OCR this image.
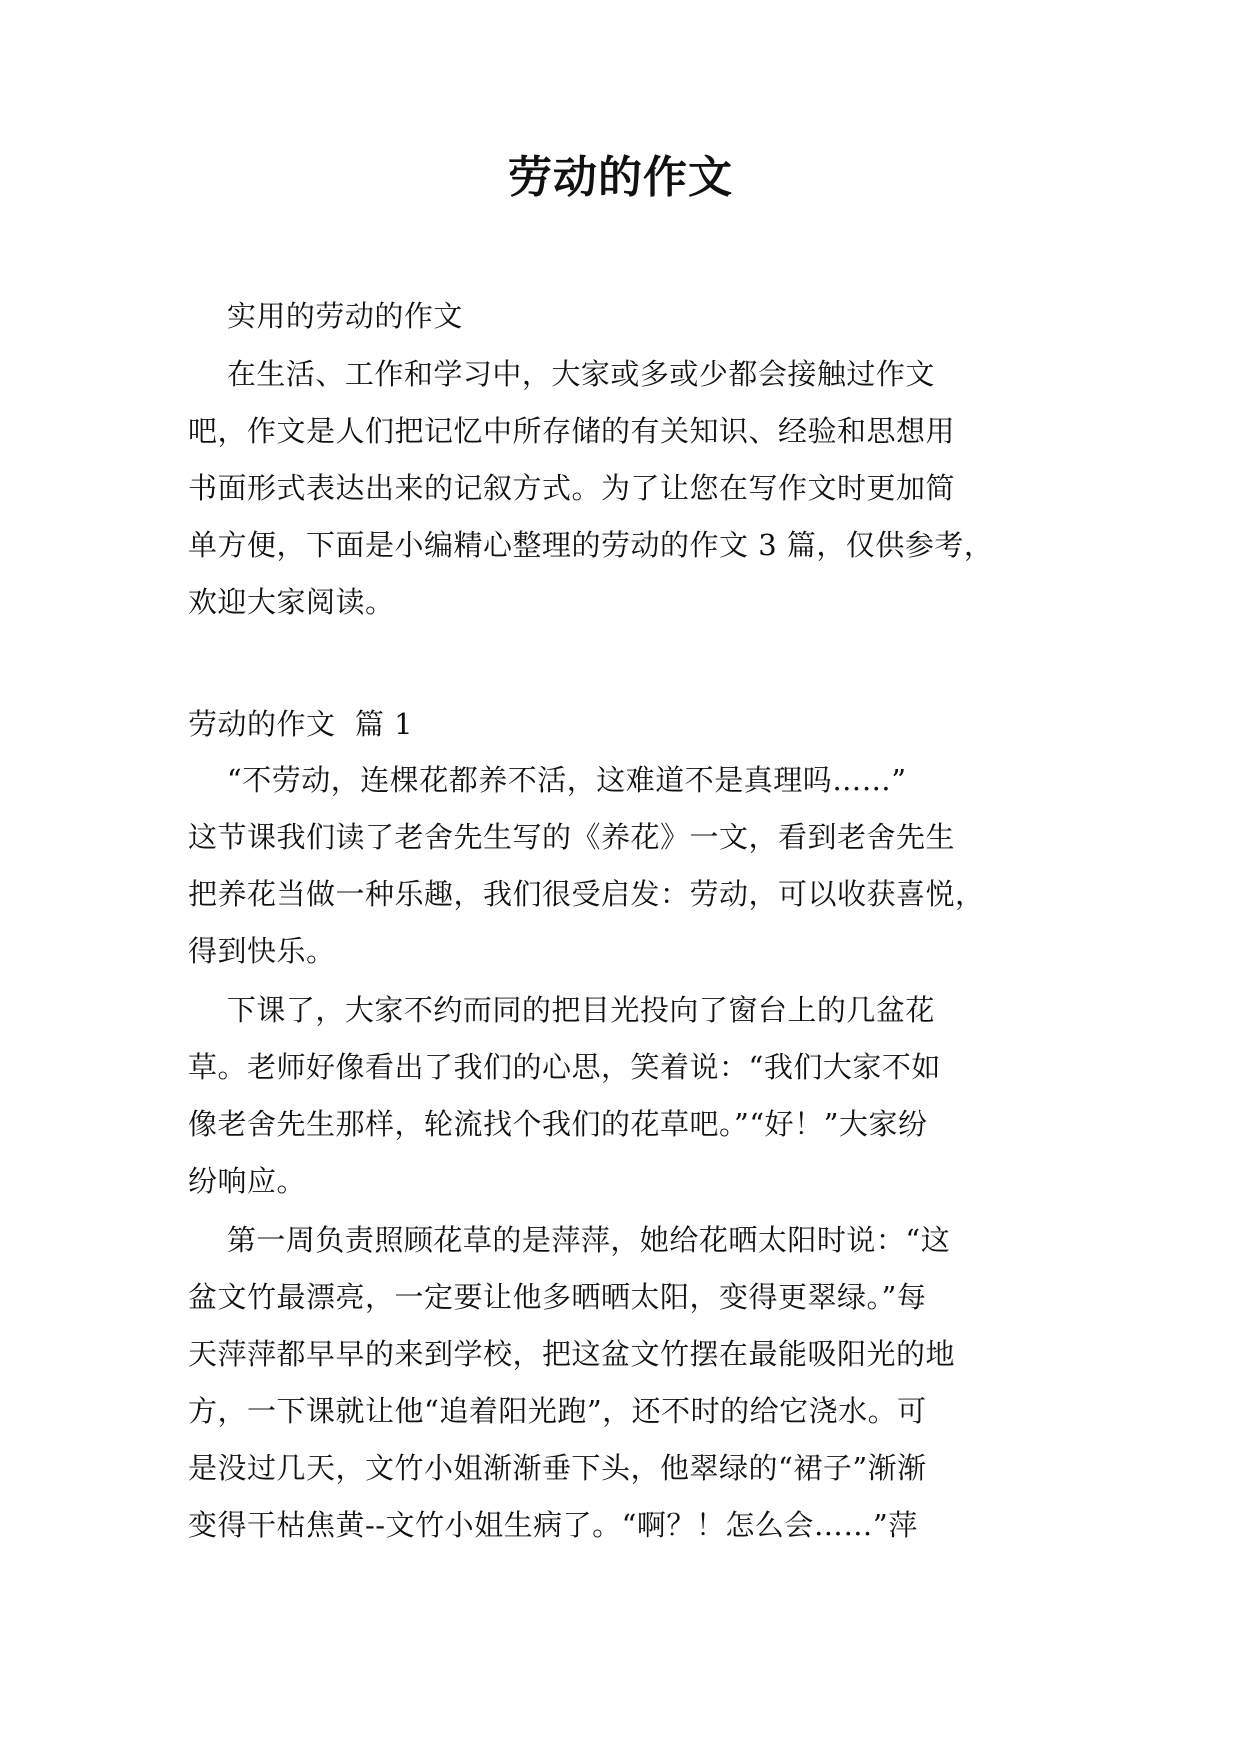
劳动的作文
实用的劳动的作文
在生活、工作和学习中，大家或多或少都会接触过作文
吧，作文是人们把记忆中所存储的有关知识、经验和思想用
书面形式表达出来的记叙方式。为了让您在写作文时更加简
单方便，下面是小编精心整理的劳动的作文 3 篇，仅供参考，
欢迎大家阅读。
劳动的作文  篇 1
“不劳动，连棵花都养不活，这难道不是真理吗……”
这节课我们读了老舍先生写的《养花》一文，看到老舍先生
把养花当做一种乐趣，我们很受启发：劳动，可以收获喜悦，
得到快乐。
下课了，大家不约而同的把目光投向了窗台上的几盆花
草。老师好像看出了我们的心思，笑着说：“我们大家不如
像老舍先生那样，轮流找个我们的花草吧。”“好！”大家纷
纷响应。
第一周负责照顾花草的是萍萍，她给花晒太阳时说：“这
盆文竹最漂亮，一定要让他多晒晒太阳，变得更翠绿。”每
天萍萍都早早的来到学校，把这盆文竹摆在最能吸阳光的地
方，一下课就让他“追着阳光跑”，还不时的给它浇水。可
是没过几天，文竹小姐渐渐垂下头，他翠绿的“裙子”渐渐
变得干枯焦黄--文竹小姐生病了。“啊？！怎么会……”萍
